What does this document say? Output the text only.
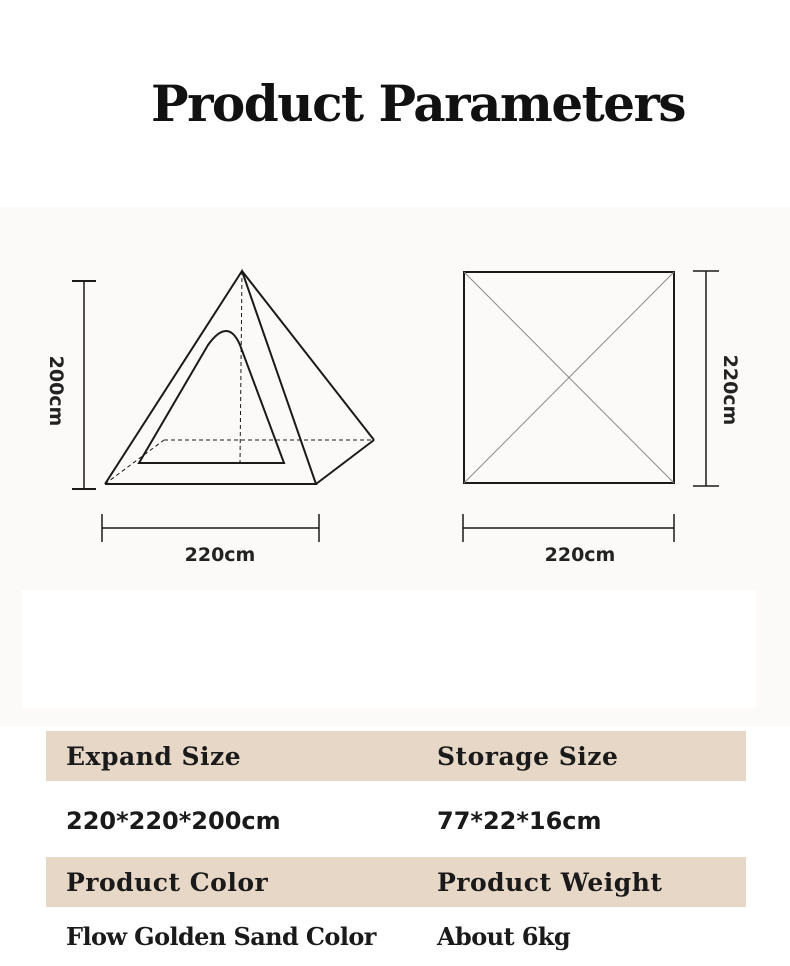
Product Parameters
200cm
220cm
220cm
220cm
Expand Size	Storage Size
220*220*200cm	77*22*16cm
Product Color	Product Weight
Flow Golden Sand Color	About 6kg
